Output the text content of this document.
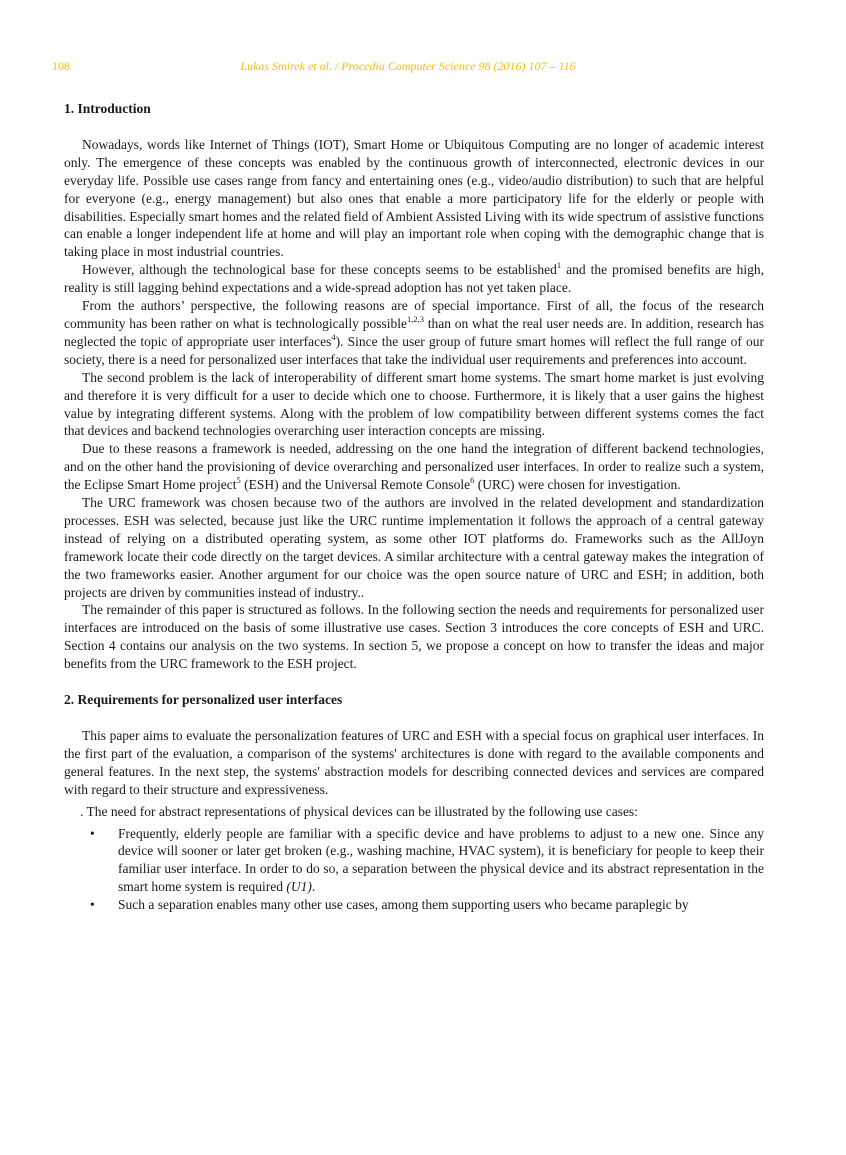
108	Lukas Smirek et al. / Procedia Computer Science 98 (2016) 107 – 116
1. Introduction

Nowadays, words like Internet of Things (IOT), Smart Home or Ubiquitous Computing are no longer of academic interest only. The emergence of these concepts was enabled by the continuous growth of interconnected, electronic devices in our everyday life. Possible use cases range from fancy and entertaining ones (e.g., video/audio distribution) to such that are helpful for everyone (e.g., energy management) but also ones that enable a more participatory life for the elderly or people with disabilities. Especially smart homes and the related field of Ambient Assisted Living with its wide spectrum of assistive functions can enable a longer independent life at home and will play an important role when coping with the demographic change that is taking place in most industrial countries.

However, although the technological base for these concepts seems to be established$^1$ and the promised benefits are high, reality is still lagging behind expectations and a wide-spread adoption has not yet taken place.

From the authors’ perspective, the following reasons are of special importance. First of all, the focus of the research community has been rather on what is technologically possible$^{1,2,3}$ than on what the real user needs are. In addition, research has neglected the topic of appropriate user interfaces$^4$). Since the user group of future smart homes will reflect the full range of our society, there is a need for personalized user interfaces that take the individual user requirements and preferences into account.

The second problem is the lack of interoperability of different smart home systems. The smart home market is just evolving and therefore it is very difficult for a user to decide which one to choose. Furthermore, it is likely that a user gains the highest value by integrating different systems. Along with the problem of low compatibility between different systems comes the fact that devices and backend technologies overarching user interaction concepts are missing.

Due to these reasons a framework is needed, addressing on the one hand the integration of different backend technologies, and on the other hand the provisioning of device overarching and personalized user interfaces. In order to realize such a system, the Eclipse Smart Home project$^5$ (ESH) and the Universal Remote Console$^6$ (URC) were chosen for investigation.

The URC framework was chosen because two of the authors are involved in the related development and standardization processes. ESH was selected, because just like the URC runtime implementation it follows the approach of a central gateway instead of relying on a distributed operating system, as some other IOT platforms do. Frameworks such as the AllJoyn framework locate their code directly on the target devices. A similar architecture with a central gateway makes the integration of the two frameworks easier. Another argument for our choice was the open source nature of URC and ESH; in addition, both projects are driven by communities instead of industry..

The remainder of this paper is structured as follows. In the following section the needs and requirements for personalized user interfaces are introduced on the basis of some illustrative use cases. Section 3 introduces the core concepts of ESH and URC. Section 4 contains our analysis on the two systems. In section 5, we propose a concept on how to transfer the ideas and major benefits from the URC framework to the ESH project.

2. Requirements for personalized user interfaces

This paper aims to evaluate the personalization features of URC and ESH with a special focus on graphical user interfaces. In the first part of the evaluation, a comparison of the systems' architectures is done with regard to the available components and general features. In the next step, the systems' abstraction models for describing connected devices and services are compared with regard to their structure and expressiveness.

. The need for abstract representations of physical devices can be illustrated by the following use cases:

• Frequently, elderly people are familiar with a specific device and have problems to adjust to a new one. Since any device will sooner or later get broken (e.g., washing machine, HVAC system), it is beneficiary for people to keep their familiar user interface. In order to do so, a separation between the physical device and its abstract representation in the smart home system is required (U1).
• Such a separation enables many other use cases, among them supporting users who became paraplegic by
